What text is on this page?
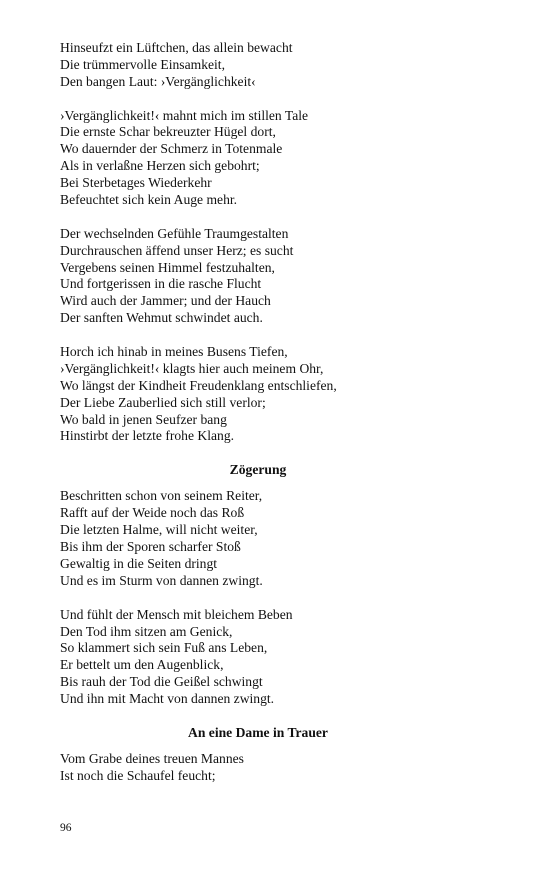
Hinseufzt ein Lüftchen, das allein bewacht
Die trümmervolle Einsamkeit,
Den bangen Laut: ›Vergänglichkeit‹
›Vergänglichkeit!‹ mahnt mich im stillen Tale
Die ernste Schar bekreuzter Hügel dort,
Wo dauernder der Schmerz in Totenmale
Als in verlaßne Herzen sich gebohrt;
Bei Sterbetages Wiederkehr
Befeuchtet sich kein Auge mehr.
Der wechselnden Gefühle Traumgestalten
Durchrauschen äffend unser Herz; es sucht
Vergebens seinen Himmel festzuhalten,
Und fortgerissen in die rasche Flucht
Wird auch der Jammer; und der Hauch
Der sanften Wehmut schwindet auch.
Horch ich hinab in meines Busens Tiefen,
›Vergänglichkeit!‹ klagts hier auch meinem Ohr,
Wo längst der Kindheit Freudenklang entschliefen,
Der Liebe Zauberlied sich still verlor;
Wo bald in jenen Seufzer bang
Hinstirbt der letzte frohe Klang.
Zögerung
Beschritten schon von seinem Reiter,
Rafft auf der Weide noch das Roß
Die letzten Halme, will nicht weiter,
Bis ihm der Sporen scharfer Stoß
Gewaltig in die Seiten dringt
Und es im Sturm von dannen zwingt.
Und fühlt der Mensch mit bleichem Beben
Den Tod ihm sitzen am Genick,
So klammert sich sein Fuß ans Leben,
Er bettelt um den Augenblick,
Bis rauh der Tod die Geißel schwingt
Und ihn mit Macht von dannen zwingt.
An eine Dame in Trauer
Vom Grabe deines treuen Mannes
Ist noch die Schaufel feucht;
96
